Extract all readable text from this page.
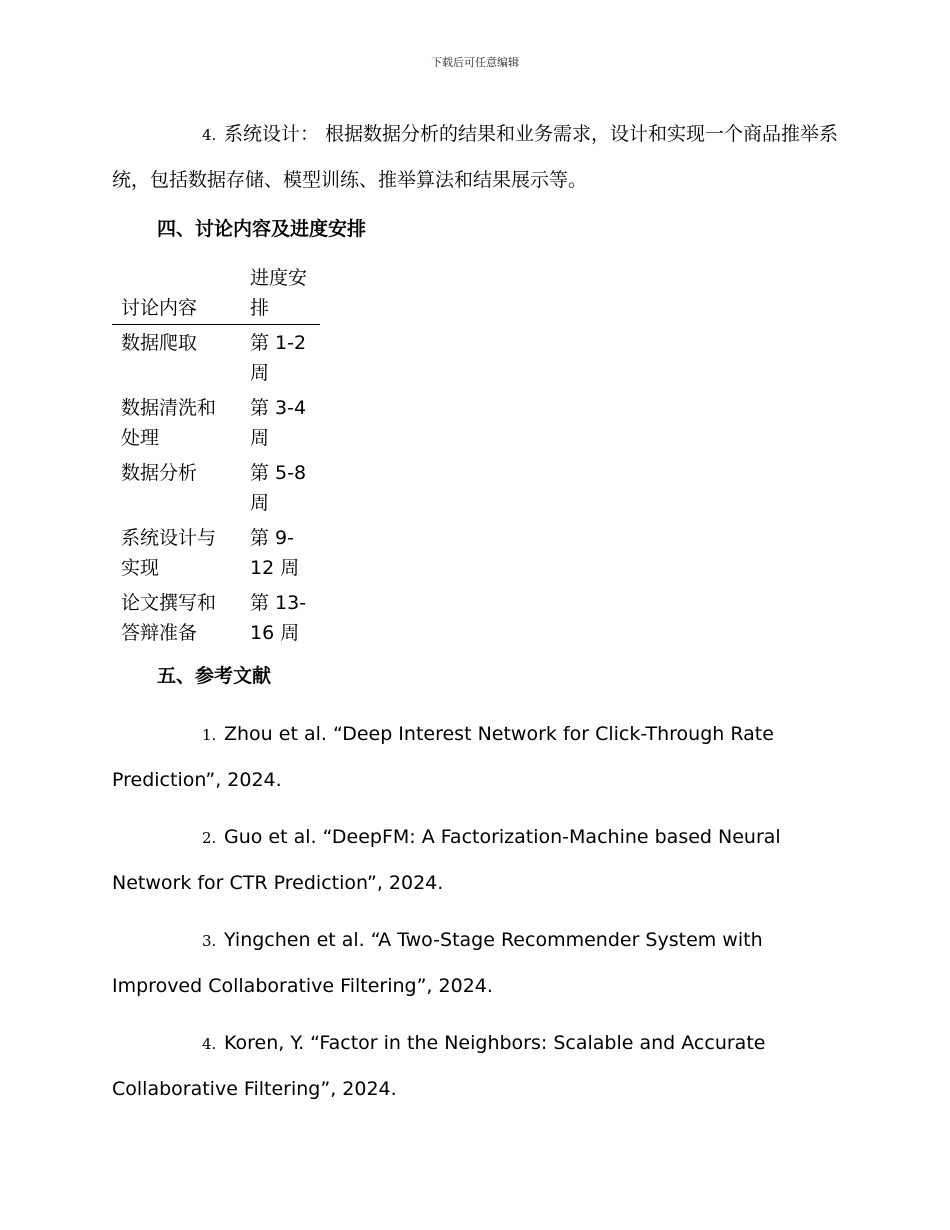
下载后可任意编辑

4. 系统设计： 根据数据分析的结果和业务需求，设计和实现一个商品推举系统，包括数据存储、模型训练、推举算法和结果展示等。

四、讨论内容及进度安排
讨论内容	进度安排
数据爬取	第 1-2 周
数据清洗和处理	第 3-4 周
数据分析	第 5-8 周
系统设计与实现	第 9-12 周
论文撰写和答辩准备	第 13-16 周
五、参考文献

1. Zhou et al. “Deep Interest Network for Click-Through Rate Prediction”, 2024.

2. Guo et al. “DeepFM: A Factorization-Machine based Neural Network for CTR Prediction”, 2024.

3. Yingchen et al. “A Two-Stage Recommender System with Improved Collaborative Filtering”, 2024.

4. Koren, Y. “Factor in the Neighbors: Scalable and Accurate Collaborative Filtering”, 2024.
